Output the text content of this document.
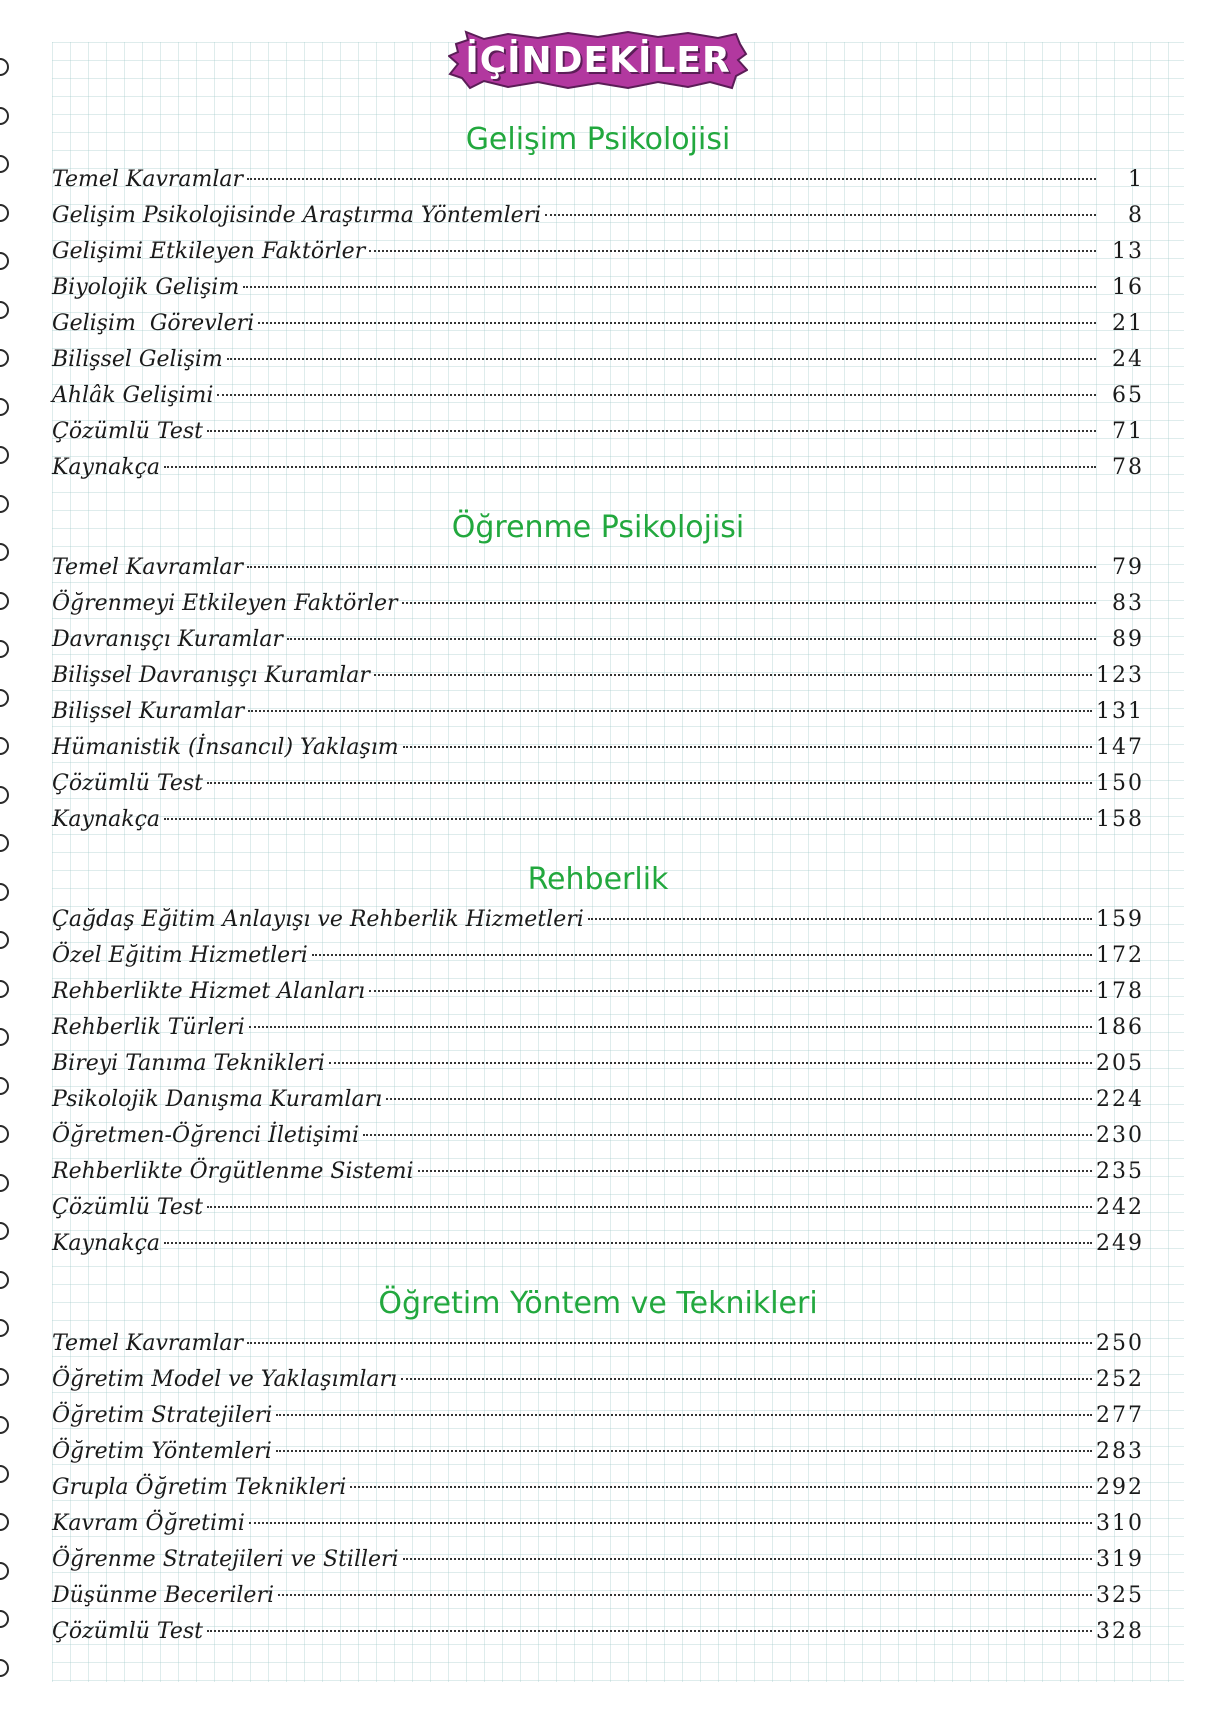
İÇİNDEKİLER
Gelişim Psikolojisi
Temel Kavramlar	1
Gelişim Psikolojisinde Araştırma Yöntemleri	8
Gelişimi Etkileyen Faktörler	13
Biyolojik Gelişim	16
Gelişim  Görevleri	21
Bilişsel Gelişim	24
Ahlâk Gelişimi	65
Çözümlü Test	71
Kaynakça	78
Öğrenme Psikolojisi
Temel Kavramlar	79
Öğrenmeyi Etkileyen Faktörler	83
Davranışçı Kuramlar	89
Bilişsel Davranışçı Kuramlar	123
Bilişsel Kuramlar	131
Hümanistik (İnsancıl) Yaklaşım	147
Çözümlü Test	150
Kaynakça	158
Rehberlik
Çağdaş Eğitim Anlayışı ve Rehberlik Hizmetleri	159
Özel Eğitim Hizmetleri	172
Rehberlikte Hizmet Alanları	178
Rehberlik Türleri	186
Bireyi Tanıma Teknikleri	205
Psikolojik Danışma Kuramları	224
Öğretmen-Öğrenci İletişimi	230
Rehberlikte Örgütlenme Sistemi	235
Çözümlü Test	242
Kaynakça	249
Öğretim Yöntem ve Teknikleri
Temel Kavramlar	250
Öğretim Model ve Yaklaşımları	252
Öğretim Stratejileri	277
Öğretim Yöntemleri	283
Grupla Öğretim Teknikleri	292
Kavram Öğretimi	310
Öğrenme Stratejileri ve Stilleri	319
Düşünme Becerileri	325
Çözümlü Test	328
